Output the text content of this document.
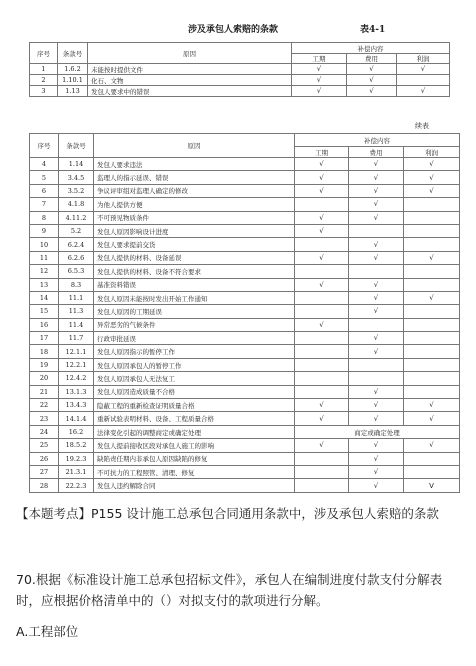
涉及承包人索赔的条款	表4-1
序号	条款号	原因	补偿内容		
			工期	费用	利润
1	1.6.2	未能按时提供文件	√	√	√
2	1.10.1	化石、文物	√	√	
3	1.13	发包人要求中的错误	√	√	√
续表
序号	条款号	原因	补偿内容		
			工期	费用	利润
4	1.14	发包人要求违法	√	√	√
5	3.4.5	监理人的指示延误、错误	√	√	√
6	3.5.2	争议评审组对监理人确定的修改	√	√	√
7	4.1.8	为他人提供方便		√	
8	4.11.2	不可预见物质条件	√	√	
9	5.2	发包人原因影响设计进度	√		
10	6.2.4	发包人要求提前交货		√	
11	6.2.6	发包人提供的材料、设备延误	√	√	√
12	6.5.3	发包人提供的材料、设备不符合要求			
13	8.3	基准资料错误	√	√	
14	11.1	发包人原因未能按时发出开始工作通知		√	√
15	11.3	发包人原因的工期延误		√	
16	11.4	异常恶劣的气候条件	√		
17	11.7	行政审批延误		√	
18	12.1.1	发包人原因指示的暂停工作		√	
19	12.2.1	发包人原因承包人的暂停工作			
20	12.4.2	发包人原因承包人无法复工			
21	13.1.3	发包人原因造成质量不合格		√	
22	13.4.3	隐蔽工程的重新检查证明质量合格	√	√	√
23	14.1.4	重新试验表明材料、设备、工程质量合格	√	√	√
24	16.2	法律变化引起的调整商定或确定处理	商定或确定处理		
25	18.5.2	发包人提前接收区段对承包人施工的影响	√	√	√
26	19.2.3	缺陷责任期内非承包人原因缺陷的修复		√	
27	21.3.1	不可抗力的工程照管、清理、修复		√	
28	22.2.3	发包人违约解除合同		√	V
【本题考点】P155 设计施工总承包合同通用条款中，涉及承包人索赔的条款
70.根据《标准设计施工总承包招标文件》，承包人在编制进度付款支付分解表时，应根据价格清单中的（）对拟支付的款项进行分解。
A.工程部位
